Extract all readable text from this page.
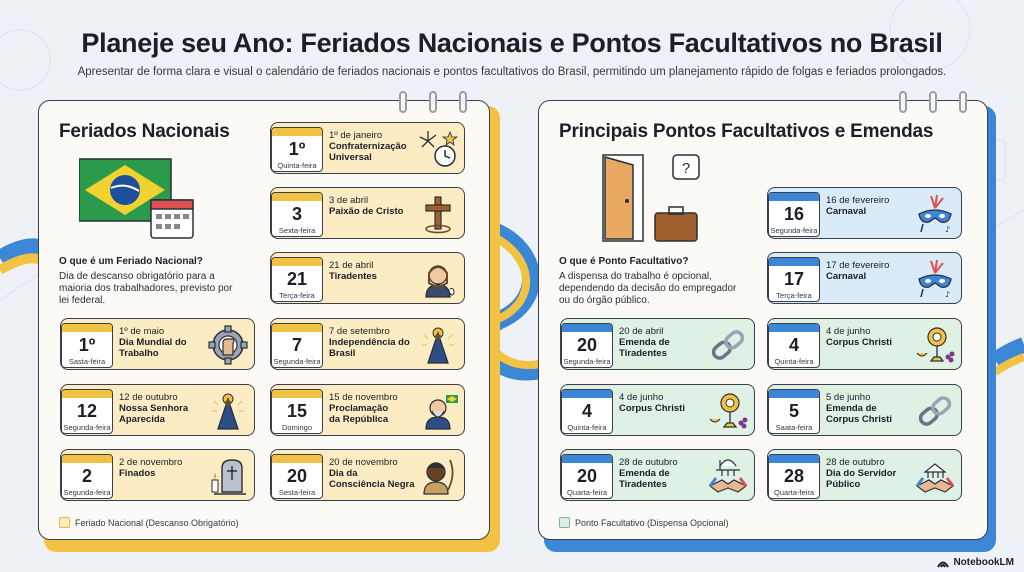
Planeje seu Ano: Feriados Nacionais e Pontos Facultativos no Brasil
Apresentar de forma clara e visual o calendário de feriados nacionais e pontos facultativos do Brasil, permitindo um planejamento rápido de folgas e feriados prolongados.
Feriados Nacionais
O que é um Feriado Nacional?
Dia de descanso obrigatório para a
maioria dos trabalhadores, previsto por
lei federal.
Feriado Nacional (Descanso Obrigatório)
Principais Pontos Facultativos e Emendas
?
O que é Ponto Facultativo?
A dispensa do trabalho é opcional,
dependendo da decisão do empregador
ou do órgão público.
Ponto Facultativo (Dispensa Opcional)
1º
Quinta-feira
1º de janeiro
Confraternização
Universal
3
Sexta-feira
3 de abril
Paixão de Cristo
21
Terça-feira
21 de abril
Tiradentes
1º
Sasta-feira
1º de maio
Dia Mundial do
Trabalho	7
Segunda-feira
7 de setembro
Independência do
Brasil
12
Segunda-feira
12 de outubro
Nossa Senhora
Aparecida	15
Domingo
15 de novembro
Proclamação
da República
2
Segunda-feira
2 de novembro
Finados	20
Sesta-feira
20 de novembro
Dia da
Consciência Negra
16
Segunda-feira
16 de fevereiro
Carnaval
♪
17
Terça-feira
17 de fevereiro
Carnaval
♪
20
Segunda-feira
20 de abril
Emenda de
Tiradentes	4
Quinta-feira
4 de junho
Corpus Christi
4
Quinta-feira
4 de junho
Corpus Christi	5
Saata-feira
5 de junho
Emenda de
Corpus Christi
20
Quarta-feira
28 de outubro
Emenda de
Tiradentes	28
Quarta-feira
28 de outubro
Dia do Servidor
Público
NotebookLM
